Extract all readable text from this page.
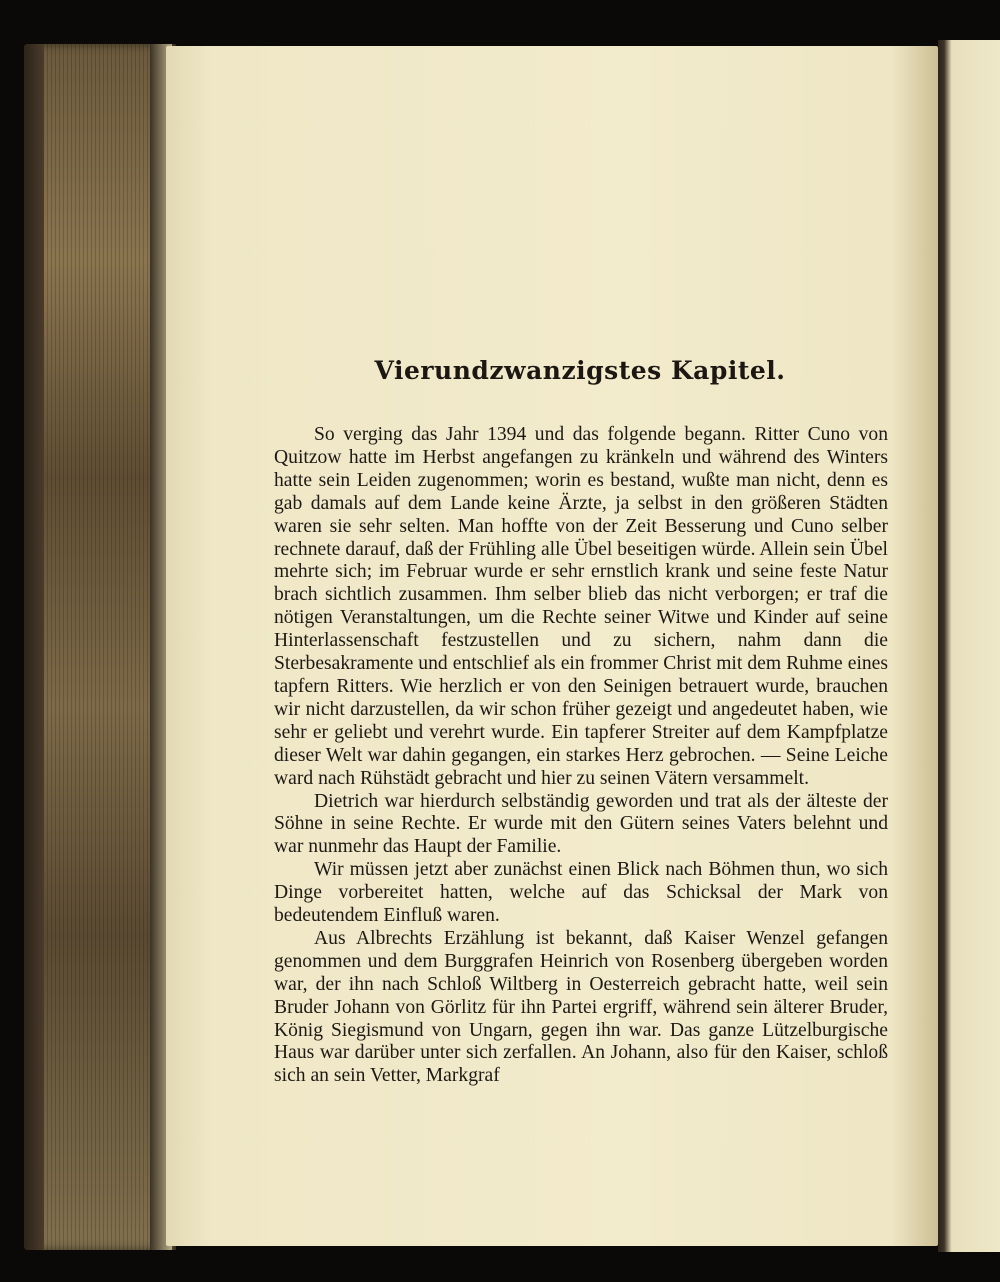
Vierundzwanzigstes Kapitel.

So verging das Jahr 1394 und das folgende begann. Ritter Cuno von Quitzow hatte im Herbst angefangen zu kränkeln und während des Winters hatte sein Leiden zugenommen; worin es bestand, wußte man nicht, denn es gab damals auf dem Lande keine Ärzte, ja selbst in den größeren Städten waren sie sehr selten. Man hoffte von der Zeit Besserung und Cuno selber rechnete darauf, daß der Frühling alle Übel beseitigen würde. Allein sein Übel mehrte sich; im Februar wurde er sehr ernstlich krank und seine feste Natur brach sichtlich zusammen. Ihm selber blieb das nicht verborgen; er traf die nötigen Veranstaltungen, um die Rechte seiner Witwe und Kinder auf seine Hinterlassenschaft festzustellen und zu sichern, nahm dann die Sterbesakramente und entschlief als ein frommer Christ mit dem Ruhme eines tapfern Ritters. Wie herzlich er von den Seinigen betrauert wurde, brauchen wir nicht darzustellen, da wir schon früher gezeigt und angedeutet haben, wie sehr er geliebt und verehrt wurde. Ein tapferer Streiter auf dem Kampfplatze dieser Welt war dahin gegangen, ein starkes Herz gebrochen. — Seine Leiche ward nach Rühstädt gebracht und hier zu seinen Vätern versammelt.

Dietrich war hierdurch selbständig geworden und trat als der älteste der Söhne in seine Rechte. Er wurde mit den Gütern seines Vaters belehnt und war nunmehr das Haupt der Familie.

Wir müssen jetzt aber zunächst einen Blick nach Böhmen thun, wo sich Dinge vorbereitet hatten, welche auf das Schicksal der Mark von bedeutendem Einfluß waren.

Aus Albrechts Erzählung ist bekannt, daß Kaiser Wenzel gefangen genommen und dem Burggrafen Heinrich von Rosenberg übergeben worden war, der ihn nach Schloß Wiltberg in Oesterreich gebracht hatte, weil sein Bruder Johann von Görlitz für ihn Partei ergriff, während sein älterer Bruder, König Siegismund von Ungarn, gegen ihn war. Das ganze Lützelburgische Haus war darüber unter sich zerfallen. An Johann, also für den Kaiser, schloß sich an sein Vetter, Markgraf
